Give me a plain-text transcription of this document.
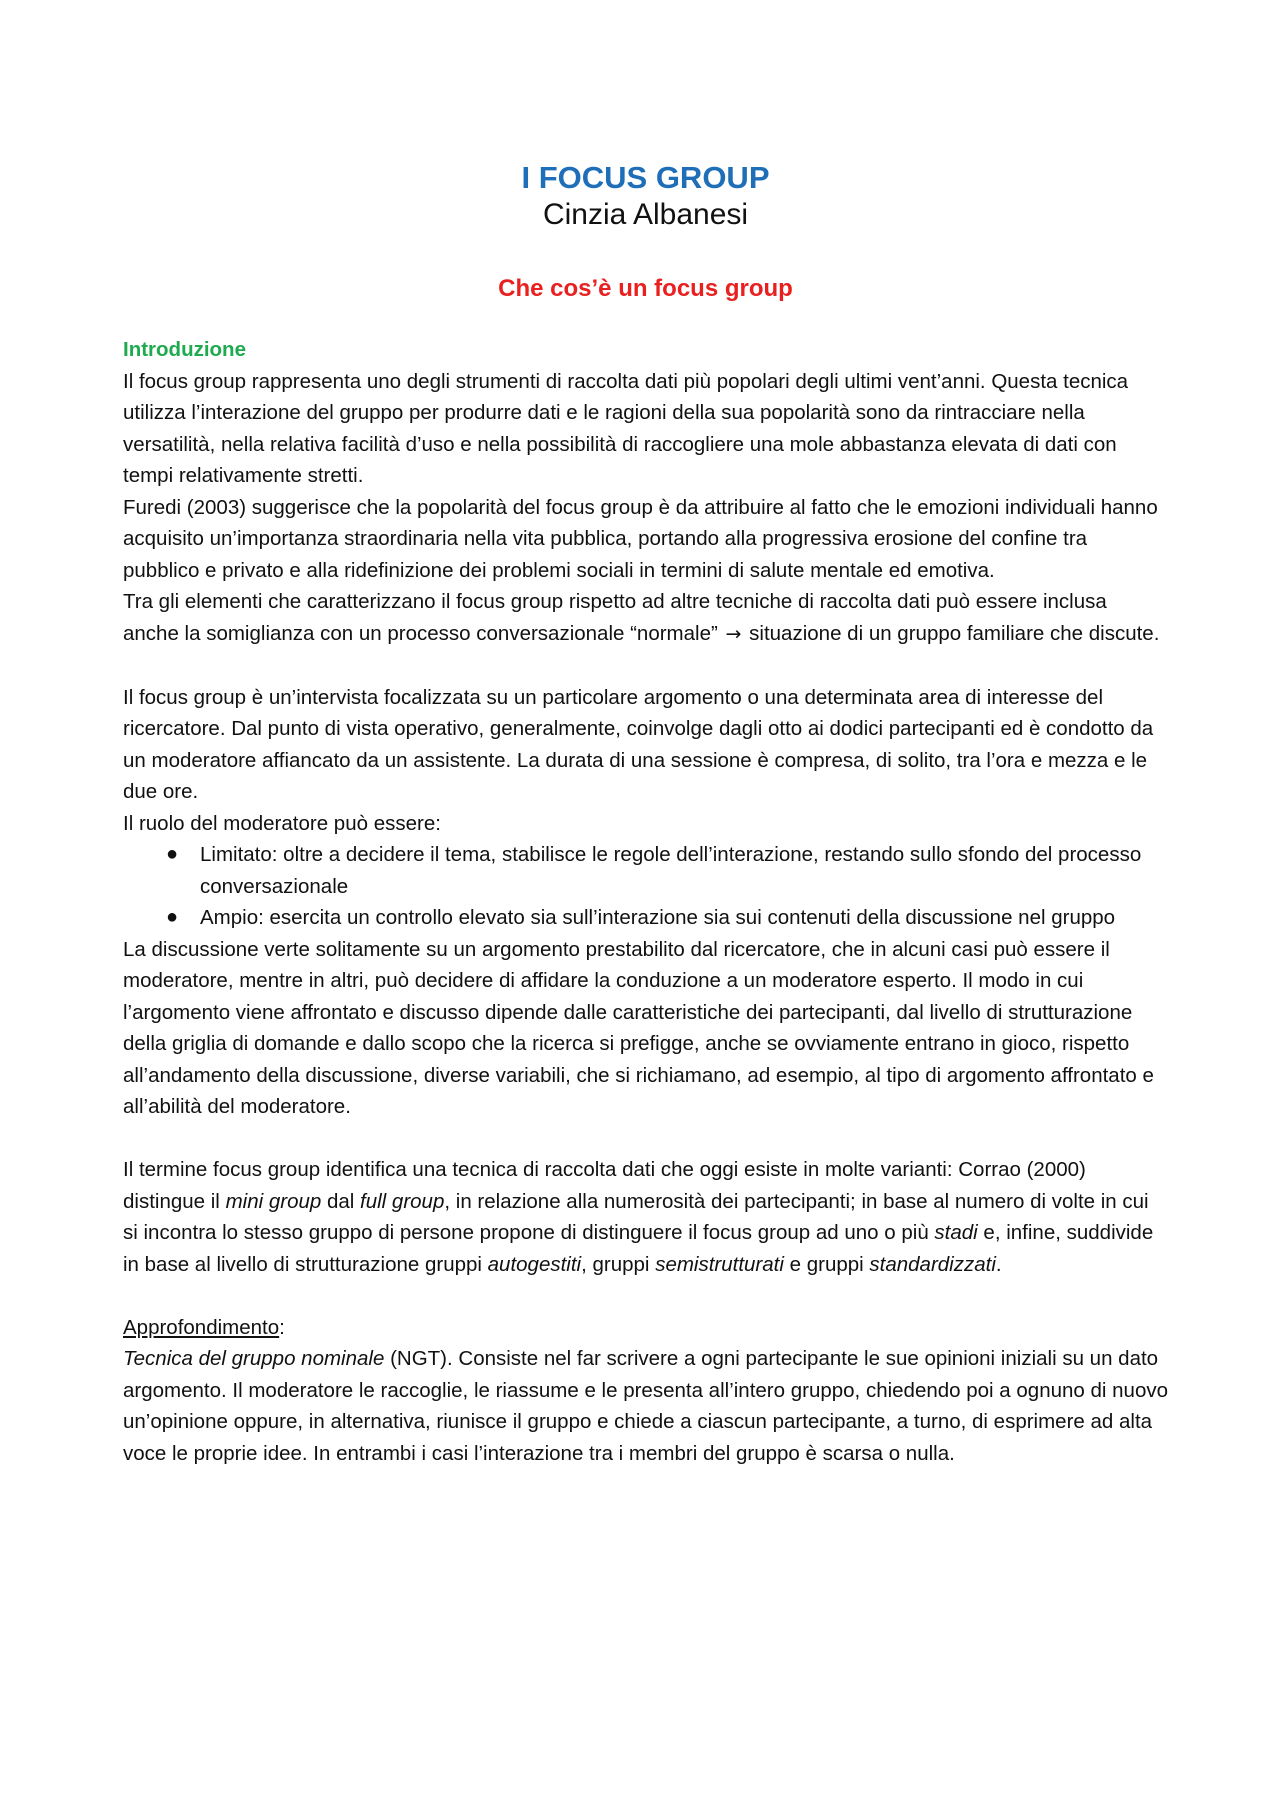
I FOCUS GROUP
Cinzia Albanesi
Che cos’è un focus group
Introduzione

Il focus group rappresenta uno degli strumenti di raccolta dati più popolari degli ultimi vent’anni. Questa tecnica utilizza l’interazione del gruppo per produrre dati e le ragioni della sua popolarità sono da rintracciare nella versatilità, nella relativa facilità d’uso e nella possibilità di raccogliere una mole abbastanza elevata di dati con tempi relativamente stretti.

Furedi (2003) suggerisce che la popolarità del focus group è da attribuire al fatto che le emozioni individuali hanno acquisito un’importanza straordinaria nella vita pubblica, portando alla progressiva erosione del confine tra pubblico e privato e alla ridefinizione dei problemi sociali in termini di salute mentale ed emotiva.

Tra gli elementi che caratterizzano il focus group rispetto ad altre tecniche di raccolta dati può essere inclusa anche la somiglianza con un processo conversazionale “normale” → situazione di un gruppo familiare che discute.

Il focus group è un’intervista focalizzata su un particolare argomento o una determinata area di interesse del ricercatore. Dal punto di vista operativo, generalmente, coinvolge dagli otto ai dodici partecipanti ed è condotto da un moderatore affiancato da un assistente. La durata di una sessione è compresa, di solito, tra l’ora e mezza e le due ore.

Il ruolo del moderatore può essere:

● Limitato: oltre a decidere il tema, stabilisce le regole dell’interazione, restando sullo sfondo del processo conversazionale
● Ampio: esercita un controllo elevato sia sull’interazione sia sui contenuti della discussione nel gruppo

La discussione verte solitamente su un argomento prestabilito dal ricercatore, che in alcuni casi può essere il moderatore, mentre in altri, può decidere di affidare la conduzione a un moderatore esperto. Il modo in cui l’argomento viene affrontato e discusso dipende dalle caratteristiche dei partecipanti, dal livello di strutturazione della griglia di domande e dallo scopo che la ricerca si prefigge, anche se ovviamente entrano in gioco, rispetto all’andamento della discussione, diverse variabili, che si richiamano, ad esempio, al tipo di argomento affrontato e all’abilità del moderatore.

Il termine focus group identifica una tecnica di raccolta dati che oggi esiste in molte varianti: Corrao (2000) distingue il mini group dal full group, in relazione alla numerosità dei partecipanti; in base al numero di volte in cui si incontra lo stesso gruppo di persone propone di distinguere il focus group ad uno o più stadi e, infine, suddivide in base al livello di strutturazione gruppi autogestiti, gruppi semistrutturati e gruppi standardizzati.

Approfondimento:

Tecnica del gruppo nominale (NGT). Consiste nel far scrivere a ogni partecipante le sue opinioni iniziali su un dato argomento. Il moderatore le raccoglie, le riassume e le presenta all’intero gruppo, chiedendo poi a ognuno di nuovo un’opinione oppure, in alternativa, riunisce il gruppo e chiede a ciascun partecipante, a turno, di esprimere ad alta voce le proprie idee. In entrambi i casi l’interazione tra i membri del gruppo è scarsa o nulla.
